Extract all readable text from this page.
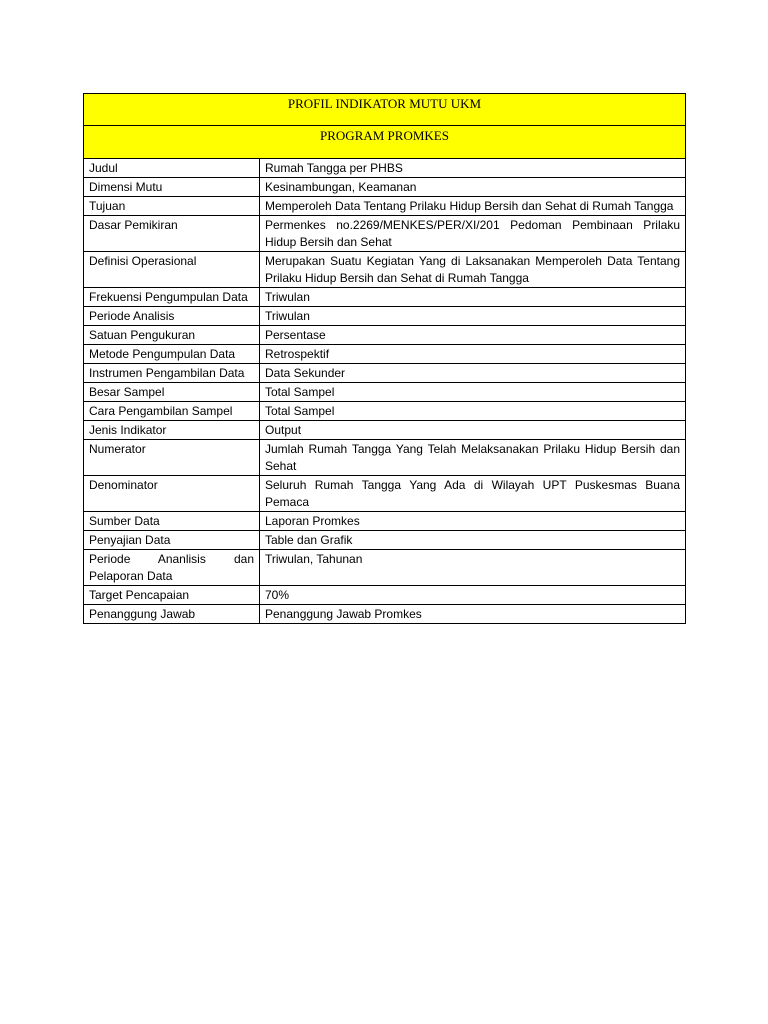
PROFIL INDIKATOR MUTU UKM	
PROGRAM PROMKES	
Judul	Rumah Tangga per PHBS
Dimensi Mutu	Kesinambungan, Keamanan
Tujuan	Memperoleh Data Tentang Prilaku Hidup Bersih dan Sehat di Rumah Tangga
Dasar Pemikiran	Permenkes no.2269/MENKES/PER/XI/201 Pedoman Pembinaan Prilaku Hidup Bersih dan Sehat
Definisi Operasional	Merupakan Suatu Kegiatan Yang di Laksanakan Memperoleh Data Tentang Prilaku Hidup Bersih dan Sehat di Rumah Tangga
Frekuensi Pengumpulan Data	Triwulan
Periode Analisis	Triwulan
Satuan Pengukuran	Persentase
Metode Pengumpulan Data	Retrospektif
Instrumen Pengambilan Data	Data Sekunder
Besar Sampel	Total Sampel
Cara Pengambilan Sampel	Total Sampel
Jenis Indikator	Output
Numerator	Jumlah Rumah Tangga Yang Telah Melaksanakan Prilaku Hidup Bersih dan Sehat
Denominator	Seluruh Rumah Tangga Yang Ada di Wilayah UPT Puskesmas Buana Pemaca
Sumber Data	Laporan Promkes
Penyajian Data	Table dan Grafik
Periode Ananlisis dan Pelaporan Data	Triwulan, Tahunan
Target Pencapaian	70%
Penanggung Jawab	Penanggung Jawab Promkes
